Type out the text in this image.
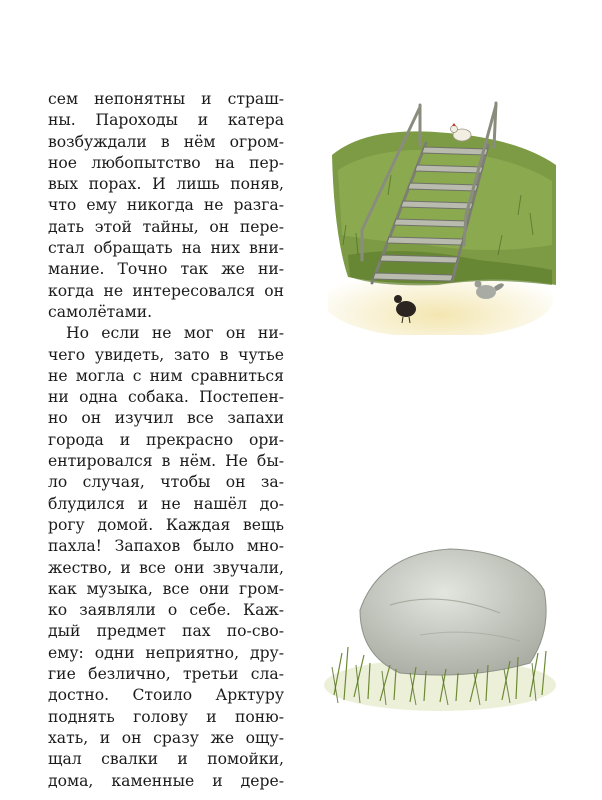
сем непонятны и страш-
ны. Пароходы и катера
возбуждали в нём огром-
ное любопытство на пер-
вых порах. И лишь поняв,
что ему никогда не разга-
дать этой тайны, он пере-
стал обращать на них вни-
мание. Точно так же ни-
когда не интересовался он
самолётами.
Но если не мог он ни-
чего увидеть, зато в чутье
не могла с ним сравниться
ни одна собака. Постепен-
но он изучил все запахи
города и прекрасно ори-
ентировался в нём. Не бы-
ло случая, чтобы он за-
блудился и не нашёл до-
рогу домой. Каждая вещь
пахла! Запахов было мно-
жество, и все они звучали,
как музыка, все они гром-
ко заявляли о себе. Каж-
дый предмет пах по-сво-
ему: одни неприятно, дру-
гие безлично, третьи сла-
достно. Стоило Арктуру
поднять голову и поню-
хать, и он сразу же ощу-
щал свалки и помойки,
дома, каменные и дере-
